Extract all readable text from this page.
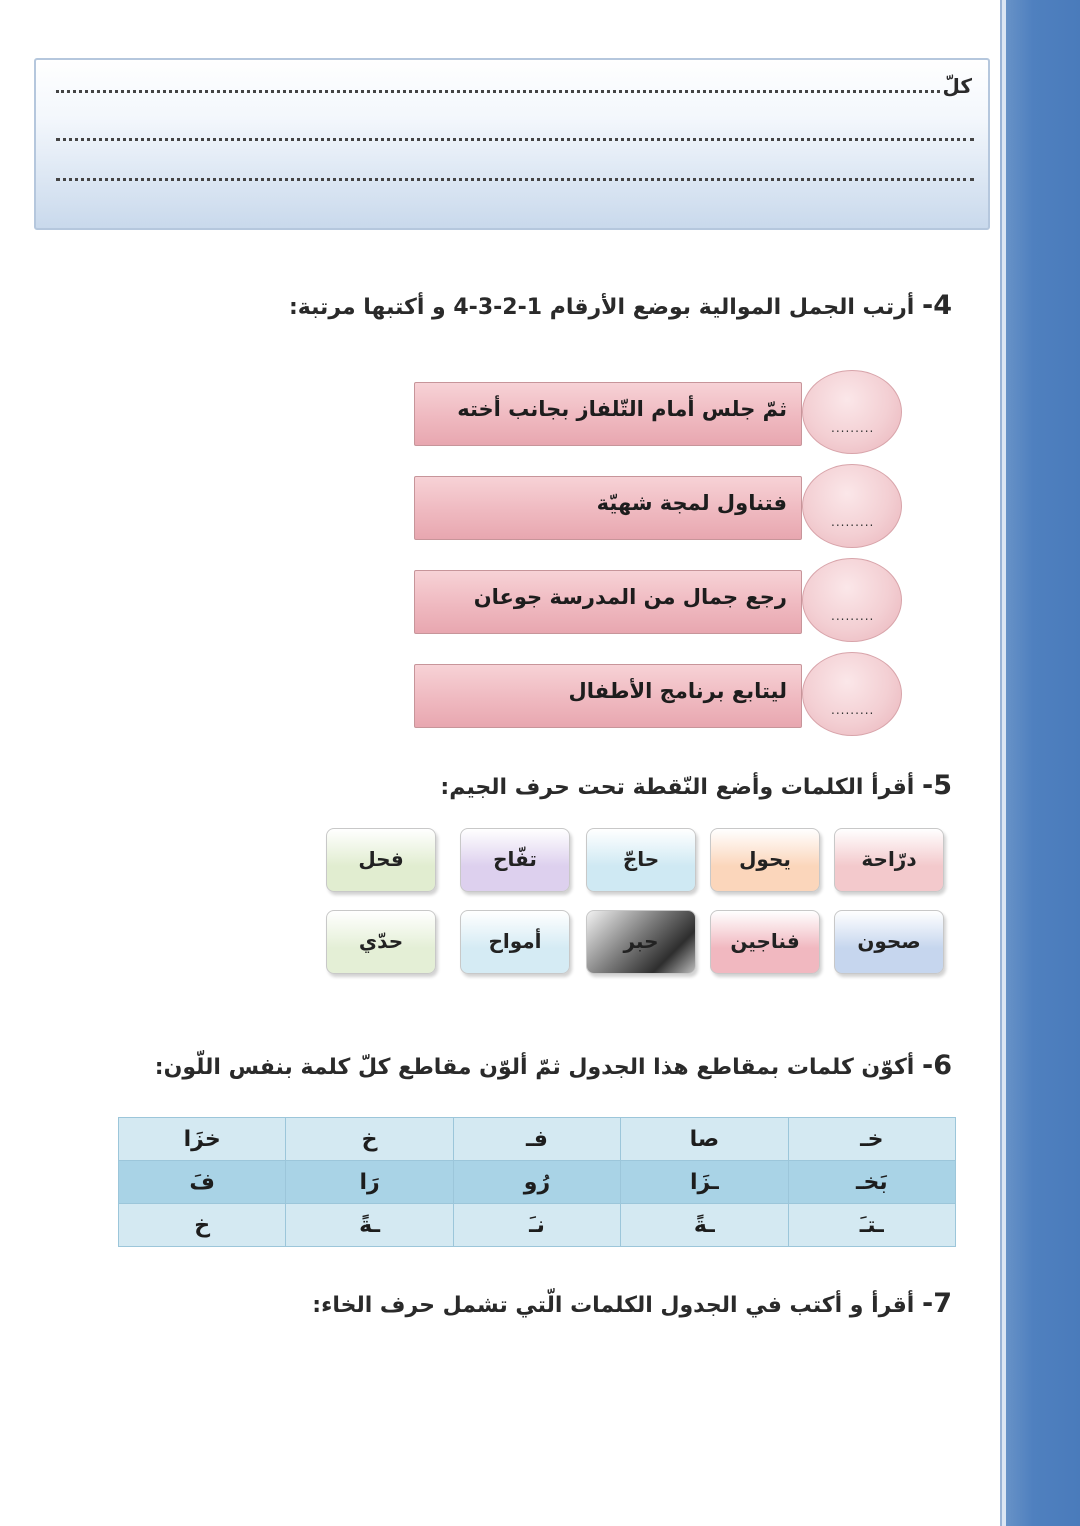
كلّ
4- أرتب الجمل الموالية بوضع الأرقام 1-2-3-4 و أكتبها مرتبة:
ثمّ جلس أمام التّلفاز بجانب أخته
.........
فتناول لمجة شهيّة
.........
رجع جمال من المدرسة جوعان
.........
ليتابع برنامج الأطفال
.........
5- أقرأ الكلمات وأضع النّقطة تحت حرف الجيم:
درّاحة
يحول
حاجّ
تفّاح
فحل
صحون
فناجين
حبر
أمواح
حدّي
6- أكوّن كلمات بمقاطع هذا الجدول ثمّ ألوّن مقاطع كلّ كلمة بنفس اللّون:
خزَا	خ	فـ	صا	خـ
فَ	رَا	رُو	ـزَا	بَخـ
خ	ـةً	نـَ	ـةً	ـتـَ
7- أقرأ و أكتب في الجدول الكلمات الّتي تشمل حرف الخاء:
